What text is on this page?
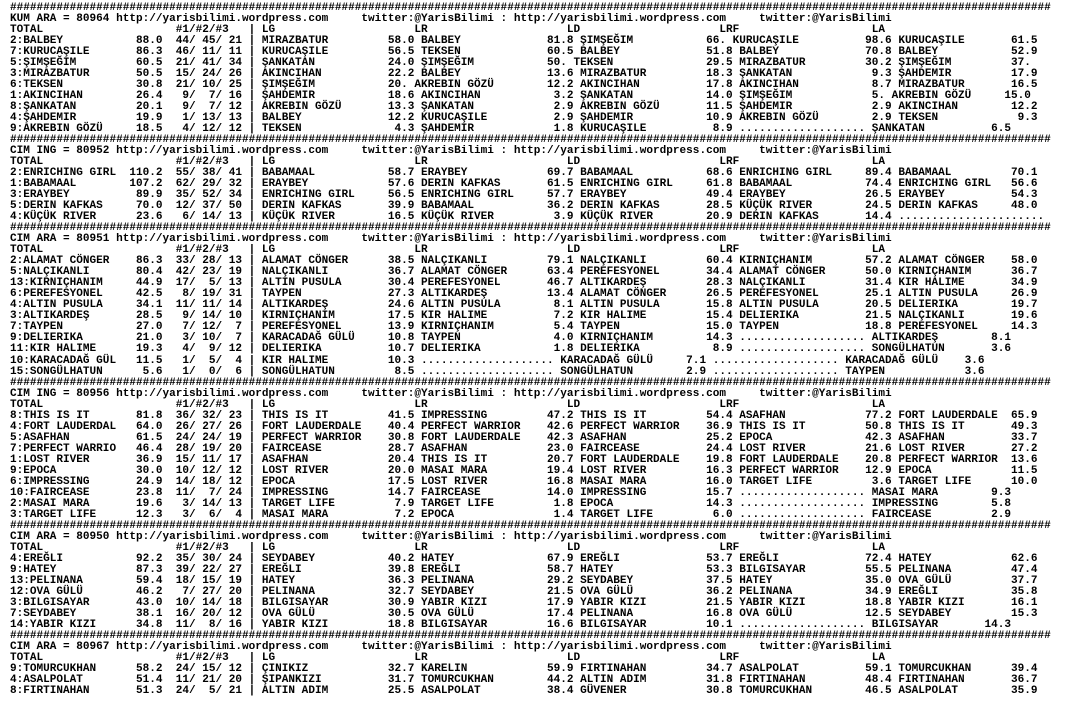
#############################################################################################################################################################
KUM ARA = 80964 http://yarisbilimi.wordpress.com     twitter:@YarisBilimi : http://yarisbilimi.wordpress.com     twitter:@YarisBilimi
TOTAL                    #1/#2/#3   | LG                     LR                     LD                     LRF                    LA
2:BALBEY           88.0  44/ 45/ 21 | MIRAZBATUR         58.0 BALBEY             81.8 ŞIMŞEĞIM           66. KURUCAŞILE          98.6 KURUCAŞILE       61.5
7:KURUCAŞILE       86.3  46/ 11/ 11 | KURUCAŞILE         56.5 TEKSEN             60.5 BALBEY             51.8 BALBEY             70.8 BALBEY           52.9
5:ŞIMŞEĞIM         60.5  21/ 41/ 34 | ŞANKATAN           24.0 ŞIMŞEĞIM           50. TEKSEN              29.5 MIRAZBATUR         30.2 ŞIMŞEĞIM         37.
3:MIRAZBATUR       50.5  15/ 24/ 26 | AKINCIHAN          22.2 BALBEY             13.6 MIRAZBATUR         18.3 ŞANKATAN            9.3 ŞAHDEMIR         17.9
6:TEKSEN           30.8  21/ 10/ 25 | ŞIMŞEĞIM           20. AKREBIN GÖZÜ        12.2 AKINCIHAN          17.8 AKINCIHAN           8.7 MIRAZBATUR       16.5
1:AKINCIHAN        26.4   9/  7/ 16 | ŞAHDEMIR           18.6 AKINCIHAN           3.2 ŞANKATAN           14.0 ŞIMŞEĞIM            5. AKREBIN GÖZÜ     15.0
8:ŞANKATAN         20.1   9/  7/ 12 | AKREBIN GÖZÜ       13.3 ŞANKATAN            2.9 AKREBIN GÖZÜ       11.5 ŞAHDEMIR            2.9 AKINCIHAN        12.2
4:ŞAHDEMIR         19.9   1/ 13/ 13 | BALBEY             12.2 KURUCAŞILE          2.9 ŞAHDEMIR           10.9 AKREBIN GÖZÜ        2.9 TEKSEN            9.3
9:AKREBIN GÖZÜ     18.5   4/ 12/ 12 | TEKSEN              4.3 ŞAHDEMIR            1.8 KURUCAŞILE          8.9 ................... ŞANKATAN          6.5
#############################################################################################################################################################
CIM ING = 80952 http://yarisbilimi.wordpress.com     twitter:@YarisBilimi : http://yarisbilimi.wordpress.com     twitter:@YarisBilimi
TOTAL                    #1/#2/#3   | LG                     LR                     LD                     LRF                    LA
2:ENRICHING GIRL  110.2  55/ 38/ 41 | BABAMAAL           58.7 ERAYBEY            69.7 BABAMAAL           68.6 ENRICHING GIRL     89.4 BABAMAAL         70.1
1:BABAMAAL        107.2  62/ 29/ 32 | ERAYBEY            57.6 DERIN KAFKAS       61.5 ENRICHING GIRL     61.8 BABAMAAL           74.4 ENRICHING GIRL   56.6
3:ERAYBEY          89.9  35/ 52/ 34 | ENRICHING GIRL     56.5 ENRICHING GIRL     57.7 ERAYBEY            49.4 ERAYBEY            26.5 ERAYBEY          54.3
5:DERIN KAFKAS     70.0  12/ 37/ 50 | DERIN KAFKAS       39.9 BABAMAAL           36.2 DERIN KAFKAS       28.5 KÜÇÜK RIVER        24.5 DERIN KAFKAS     48.0
4:KÜÇÜK RIVER      23.6   6/ 14/ 13 | KÜÇÜK RIVER        16.5 KÜÇÜK RIVER         3.9 KÜÇÜK RIVER        20.9 DERIN KAFKAS       14.4 ......................
#############################################################################################################################################################
CIM ARA = 80951 http://yarisbilimi.wordpress.com     twitter:@YarisBilimi : http://yarisbilimi.wordpress.com     twitter:@YarisBilimi
TOTAL                    #1/#2/#3   | LG                     LR                     LD                     LRF                    LA
2:ALAMAT CÖNGER    86.3  33/ 28/ 13 | ALAMAT CÖNGER      38.5 NALÇIKANLI         79.1 NALÇIKANLI         60.4 KIRNIÇHANIM        57.2 ALAMAT CÖNGER    58.0
5:NALÇIKANLI       80.4  42/ 23/ 19 | NALÇIKANLI         36.7 ALAMAT CÖNGER      63.4 PEREFESYONEL       34.4 ALAMAT CÖNGER      50.0 KIRNIÇHANIM      36.7
13:KIRNIÇHANIM     44.9  17/  5/ 13 | ALTIN PUSULA       30.4 PEREFESYONEL       46.7 ALTIKARDEŞ         28.3 NALÇIKANLI         31.4 KIR HALIME       34.9
6:PEREFESYONEL     42.5   8/ 19/ 31 | TAYPEN             27.3 ALTIKARDEŞ         13.4 ALAMAT CÖNGER      26.5 PEREFESYONEL       25.1 ALTIN PUSULA     26.9
4:ALTIN PUSULA     34.1  11/ 11/ 14 | ALTIKARDEŞ         24.6 ALTIN PUSULA        8.1 ALTIN PUSULA       15.8 ALTIN PUSULA       20.5 DELIERIKA        19.7
3:ALTIKARDEŞ       28.5   9/ 14/ 10 | KIRNIÇHANIM        17.5 KIR HALIME          7.2 KIR HALIME         15.4 DELIERIKA          21.5 NALÇIKANLI       19.6
7:TAYPEN           27.0   7/ 12/  7 | PEREFESYONEL       13.9 KIRNIÇHANIM         5.4 TAYPEN             15.0 TAYPEN             18.8 PEREFESYONEL     14.3
9:DELIERIKA        21.0   3/ 10/  7 | KARACADAĞ GÜLÜ     10.8 TAYPEN              4.0 KIRNIÇHANIM        14.3 ................... ALTIKARDEŞ        8.1
11:KIR HALIME      19.3   4/  9/ 12 | DELIERIKA          10.7 DELIERIKA           1.8 DELIERIKA           8.9 ................... SONGÜLHATUN       3.6
10:KARACADAĞ GÜL   11.5   1/  5/  4 | KIR HALIME         10.3 .................... KARACADAĞ GÜLÜ     7.1 ................... KARACADAĞ GÜLÜ    3.6
15:SONGÜLHATUN      5.6   1/  0/  6 | SONGÜLHATUN         8.5 .................... SONGÜLHATUN        2.9 ................... TAYPEN            3.6
#############################################################################################################################################################
CIM ING = 80956 http://yarisbilimi.wordpress.com     twitter:@YarisBilimi : http://yarisbilimi.wordpress.com     twitter:@YarisBilimi
TOTAL                    #1/#2/#3   | LG                     LR                     LD                     LRF                    LA
8:THIS IS IT       81.8  36/ 32/ 23 | THIS IS IT         41.5 IMPRESSING         47.2 THIS IS IT         54.4 ASAFHAN            77.2 FORT LAUDERDALE  65.9
4:FORT LAUDERDAL   64.0  26/ 27/ 26 | FORT LAUDERDALE    40.4 PERFECT WARRIOR    42.6 PERFECT WARRIOR    36.9 THIS IS IT         50.8 THIS IS IT       49.3
5:ASAFHAN          61.5  24/ 24/ 19 | PERFECT WARRIOR    30.8 FORT LAUDERDALE    42.3 ASAFHAN            25.2 EPOCA              42.3 ASAFHAN          33.7
7:PERFECT WARRIO   46.4  28/ 19/ 20 | FAIRCEASE          28.7 ASAFHAN            23.0 FAIRCEASE          24.4 LOST RIVER         21.6 LOST RIVER       27.2
1:LOST RIVER       36.9  15/ 11/ 17 | ASAFHAN            20.4 THIS IS IT         20.7 FORT LAUDERDALE    19.8 FORT LAUDERDALE    20.8 PERFECT WARRIOR  13.6
9:EPOCA            30.0  10/ 12/ 12 | LOST RIVER         20.0 MASAI MARA         19.4 LOST RIVER         16.3 PERFECT WARRIOR    12.9 EPOCA            11.5
6:IMPRESSING       24.9  14/ 18/ 12 | EPOCA              17.5 LOST RIVER         16.8 MASAI MARA         16.0 TARGET LIFE         3.6 TARGET LIFE      10.0
10:FAIRCEASE       23.8  11/  7/ 24 | IMPRESSING         14.7 FAIRCEASE          14.0 IMPRESSING         15.7 ................... MASAI MARA        9.3
2:MASAI MARA       19.6   3/ 14/ 13 | TARGET LIFE         7.9 TARGET LIFE         1.8 EPOCA              14.3 ................... IMPRESSING        5.8
3:TARGET LIFE      12.3   3/  6/  4 | MASAI MARA          7.2 EPOCA               1.4 TARGET LIFE         6.0 ................... FAIRCEASE         2.9
#############################################################################################################################################################
CIM ARA = 80950 http://yarisbilimi.wordpress.com     twitter:@YarisBilimi : http://yarisbilimi.wordpress.com     twitter:@YarisBilimi
TOTAL                    #1/#2/#3   | LG                     LR                     LD                     LRF                    LA
4:EREĞLI           92.2  35/ 30/ 24 | SEYDABEY           40.2 HATEY              67.9 EREĞLI             53.7 EREĞLI             72.4 HATEY            62.6
9:HATEY            87.3  39/ 22/ 27 | EREĞLI             39.8 EREĞLI             58.7 HATEY              53.3 BILGISAYAR         55.5 PELINANA         47.4
13:PELINANA        59.4  18/ 15/ 19 | HATEY              36.3 PELINANA           29.2 SEYDABEY           37.5 HATEY              35.0 OVA GÜLÜ         37.7
12:OVA GÜLÜ        46.2   7/ 27/ 20 | PELINANA           32.7 SEYDABEY           21.5 OVA GÜLÜ           36.2 PELINANA           34.9 EREĞLI           35.8
3:BILGISAYAR       43.0  10/ 14/ 18 | BILGISAYAR         30.9 YABIR KIZI         17.9 YABIR KIZI         21.5 YABIR KIZI         18.8 YABIR KIZI       16.1
7:SEYDABEY         38.1  16/ 20/ 12 | OVA GÜLÜ           30.5 OVA GÜLÜ           17.4 PELINANA           16.8 OVA GÜLÜ           12.5 SEYDABEY         15.3
14:YABIR KIZI      34.8  11/  8/ 16 | YABIR KIZI         18.8 BILGISAYAR         16.6 BILGISAYAR         10.1 ................... BILGISAYAR       14.3
#############################################################################################################################################################
CIM ARA = 80967 http://yarisbilimi.wordpress.com     twitter:@YarisBilimi : http://yarisbilimi.wordpress.com     twitter:@YarisBilimi
TOTAL                    #1/#2/#3   | LG                     LR                     LD                     LRF                    LA
9:TOMURCUKHAN      58.2  24/ 15/ 12 | ÇINIKIZ            32.7 KARELIN            59.9 FIRTINAHAN         34.7 ASALPOLAT          59.1 TOMURCUKHAN      39.4
4:ASALPOLAT        51.4  11/ 21/ 20 | ŞIPANKIZI          31.7 TOMURCUKHAN        44.2 ALTIN ADIM         31.8 FIRTINAHAN         48.4 FIRTINAHAN       36.7
8:FIRTINAHAN       51.3  24/  5/ 21 | ALTIN ADIM         25.5 ASALPOLAT          38.4 GÜVENER            30.8 TOMURCUKHAN        46.5 ASALPOLAT        35.9
